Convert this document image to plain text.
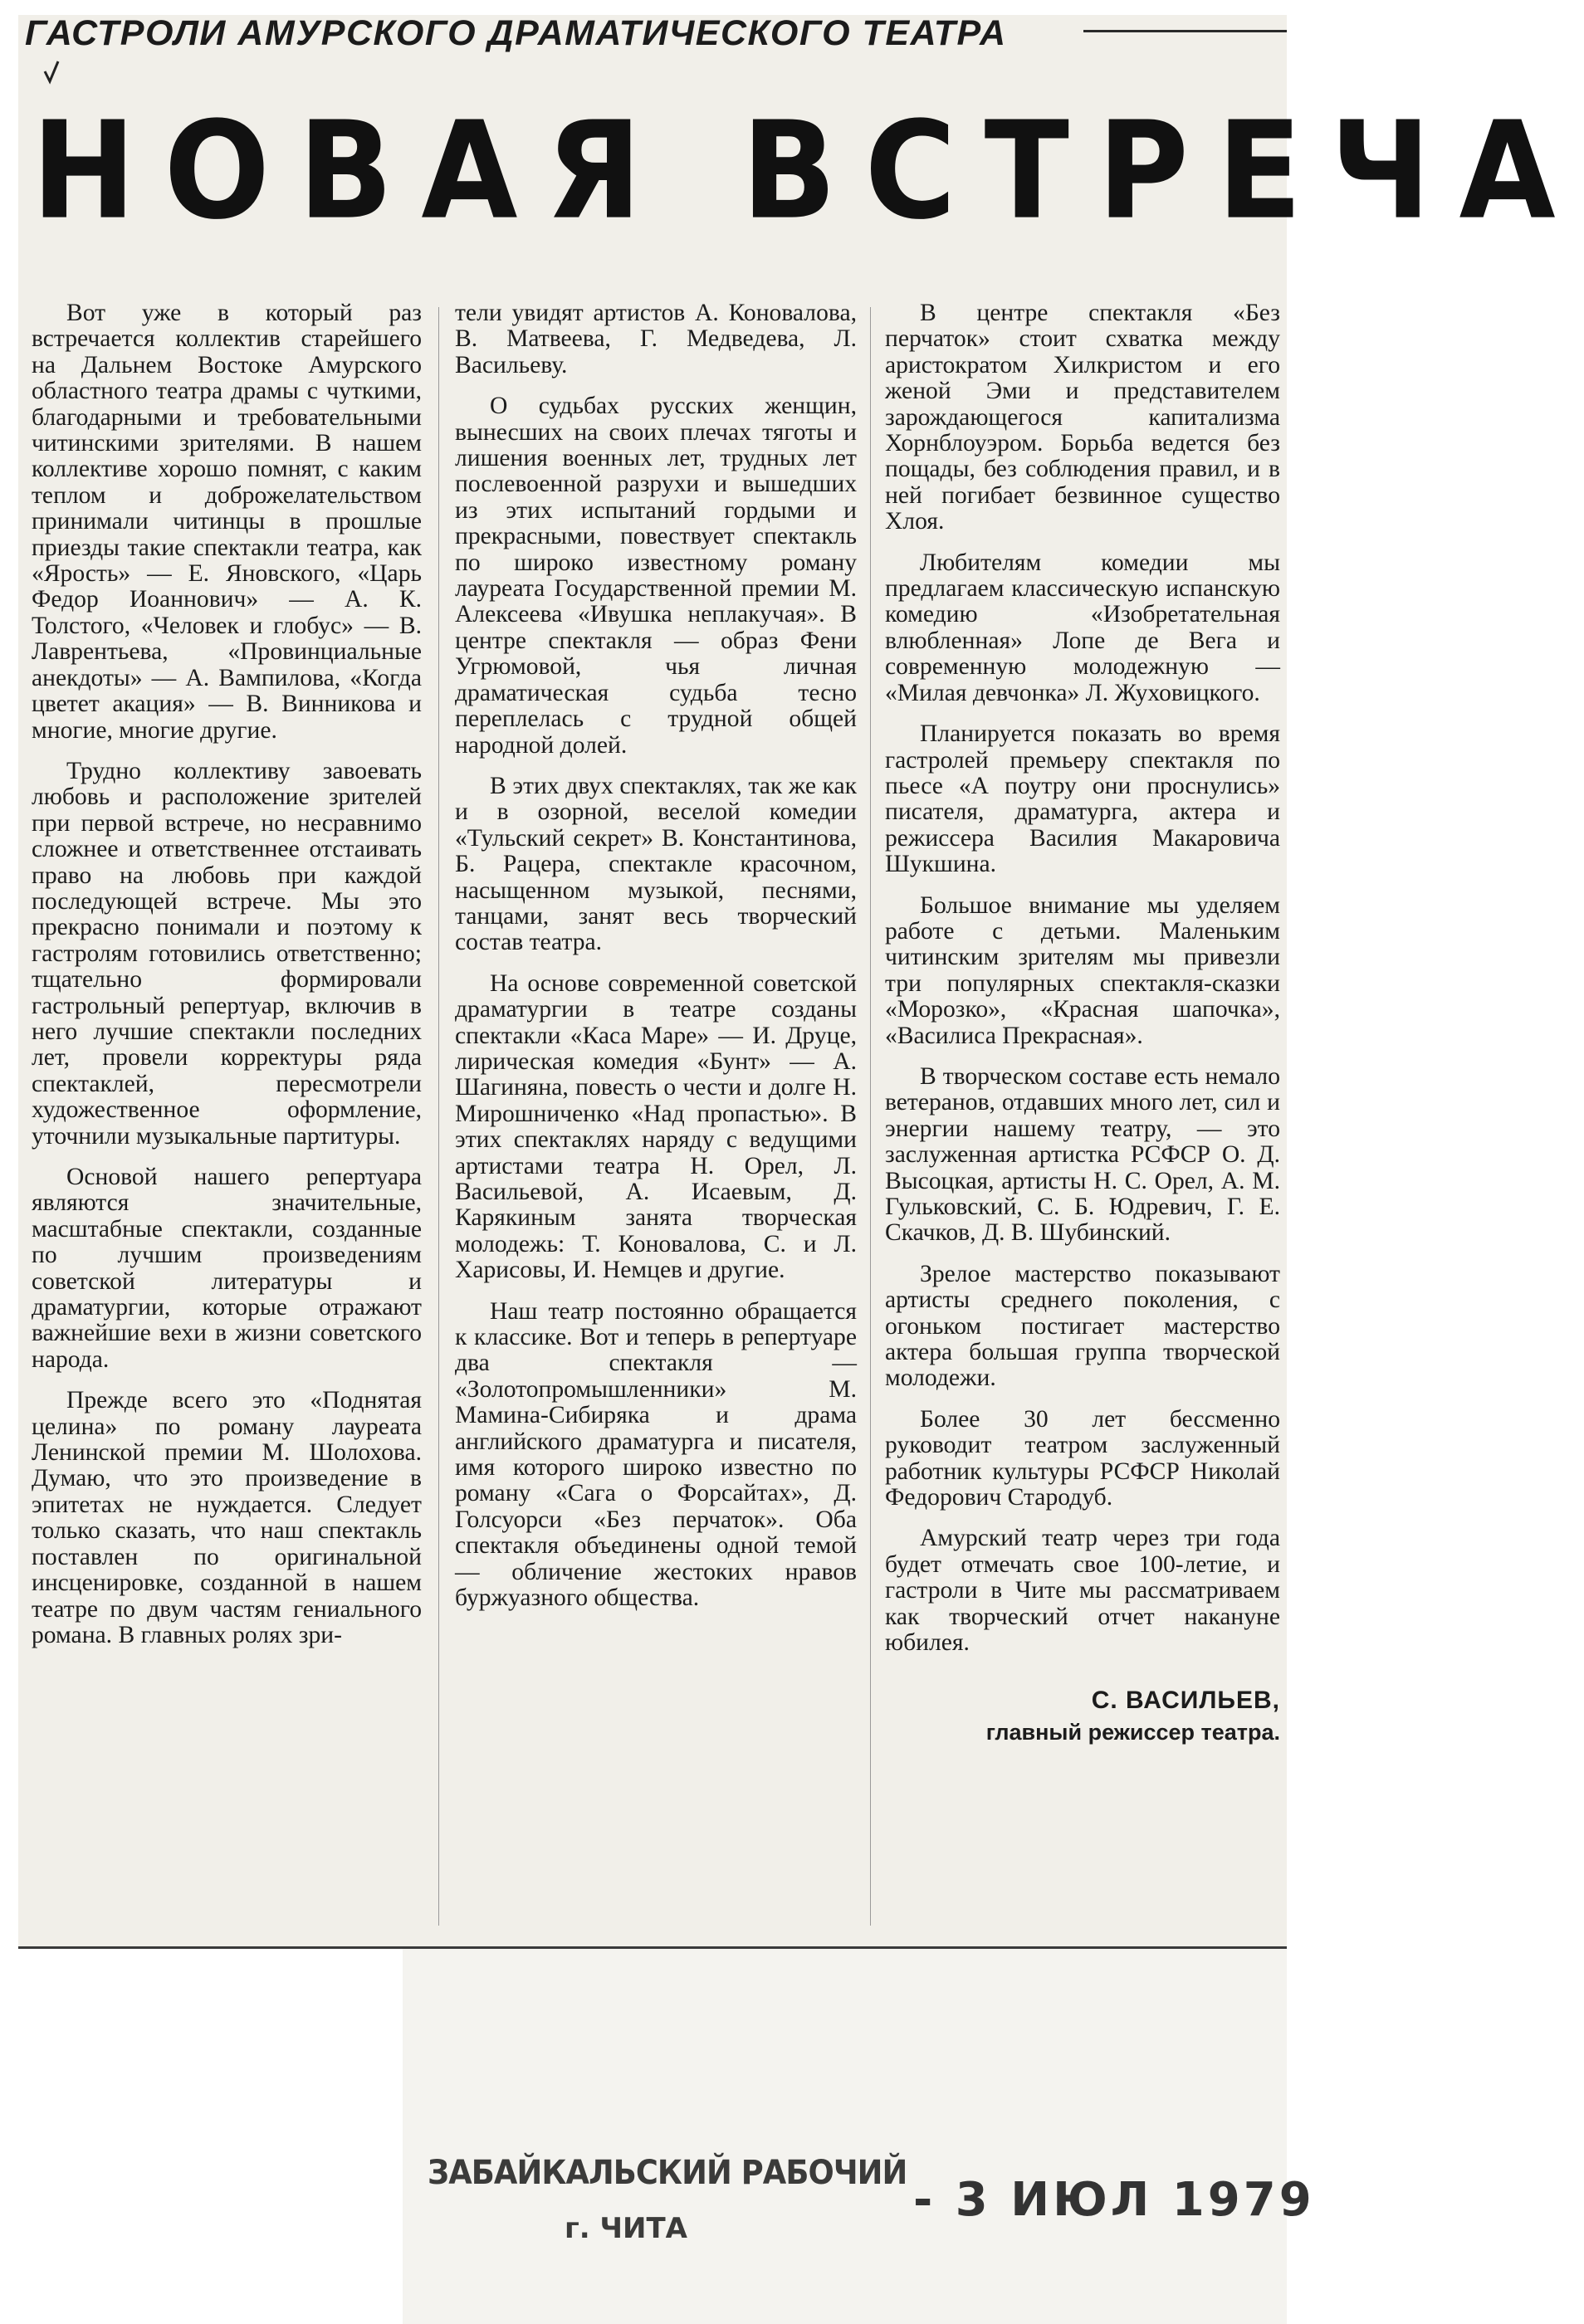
ГАСТРОЛИ АМУРСКОГО ДРАМАТИЧЕСКОГО ТЕАТРА
НОВАЯ ВСТРЕЧА

Вот уже в который раз встречается коллектив старейшего на Дальнем Востоке Амурского областного театра драмы с чуткими, благодарными и требовательными читинскими зрителями. В нашем коллективе хорошо помнят, с каким теплом и доброжелательством принимали читинцы в прошлые приезды такие спектакли театра, как «Ярость» — Е. Яновского, «Царь Федор Иоаннович» — А. К. Толстого, «Человек и глобус» — В. Лаврентьева, «Провинциальные анекдоты» — А. Вампилова, «Когда цветет акация» — В. Винникова и многие, многие другие.

Трудно коллективу завоевать любовь и расположение зрителей при первой встрече, но несравнимо сложнее и ответственнее отстаивать право на любовь при каждой последующей встрече. Мы это прекрасно понимали и поэтому к гастролям готовились ответственно; тщательно формировали гастрольный репертуар, включив в него лучшие спектакли последних лет, провели корректуры ряда спектаклей, пересмотрели художественное оформление, уточнили музыкальные партитуры.

Основой нашего репертуара являются значительные, масштабные спектакли, созданные по лучшим произведениям советской литературы и драматургии, которые отражают важнейшие вехи в жизни советского народа.

Прежде всего это «Поднятая целина» по роману лауреата Ленинской премии М. Шолохова. Думаю, что это произведение в эпитетах не нуждается. Следует только сказать, что наш спектакль поставлен по оригинальной инсценировке, созданной в нашем театре по двум частям гениального романа. В главных ролях зри-

тели увидят артистов А. Коновалова, В. Матвеева, Г. Медведева, Л. Васильеву.

О судьбах русских женщин, вынесших на своих плечах тяготы и лишения военных лет, трудных лет послевоенной разрухи и вышедших из этих испытаний гордыми и прекрасными, повествует спектакль по широко известному роману лауреата Государственной премии М. Алексеева «Ивушка неплакучая». В центре спектакля — образ Фени Угрюмовой, чья личная драматическая судьба тесно переплелась с трудной общей народной долей.

В этих двух спектаклях, так же как и в озорной, веселой комедии «Тульский секрет» В. Константинова, Б. Рацера, спектакле красочном, насыщенном музыкой, песнями, танцами, занят весь творческий состав театра.

На основе современной советской драматургии в театре созданы спектакли «Каса Маре» — И. Друце, лирическая комедия «Бунт» — А. Шагиняна, повесть о чести и долге Н. Мирошниченко «Над пропастью». В этих спектаклях наряду с ведущими артистами театра Н. Орел, Л. Васильевой, А. Исаевым, Д. Карякиным занята творческая молодежь: Т. Коновалова, С. и Л. Харисовы, И. Немцев и другие.

Наш театр постоянно обращается к классике. Вот и теперь в репертуаре два спектакля — «Золотопромышленники» М. Мамина-Сибиряка и драма английского драматурга и писателя, имя которого широко известно по роману «Сага о Форсайтах», Д. Голсуорси «Без перчаток». Оба спектакля объединены одной темой — обличение жестоких нравов буржуазного общества.

В центре спектакля «Без перчаток» стоит схватка между аристократом Хилкристом и его женой Эми и представителем зарождающегося капитализма Хорнблоуэром. Борьба ведется без пощады, без соблюдения правил, и в ней погибает безвинное существо Хлоя.

Любителям комедии мы предлагаем классическую испанскую комедию «Изобретательная влюбленная» Лопе де Вега и современную молодежную — «Милая девчонка» Л. Жуховицкого.

Планируется показать во время гастролей премьеру спектакля по пьесе «А поутру они проснулись» писателя, драматурга, актера и режиссера Василия Макаровича Шукшина.

Большое внимание мы уделяем работе с детьми. Маленьким читинским зрителям мы привезли три популярных спектакля-сказки «Морозко», «Красная шапочка», «Василиса Прекрасная».

В творческом составе есть немало ветеранов, отдавших много лет, сил и энергии нашему театру, — это заслуженная артистка РСФСР О. Д. Высоцкая, артисты Н. С. Орел, А. М. Гульковский, С. Б. Юдревич, Г. Е. Скачков, Д. В. Шубинский.

Зрелое мастерство показывают артисты среднего поколения, с огоньком постигает мастерство актера большая группа творческой молодежи.

Более 30 лет бессменно руководит театром заслуженный работник культуры РСФСР Николай Федорович Стародуб.

Амурский театр через три года будет отмечать свое 100-летие, и гастроли в Чите мы рассматриваем как творческий отчет накануне юбилея.

С. ВАСИЛЬЕВ,
главный режиссер театра.

ЗАБАЙКАЛЬСКИЙ РАБОЧИЙ
г. ЧИТА
- 3 ИЮЛ 1979
